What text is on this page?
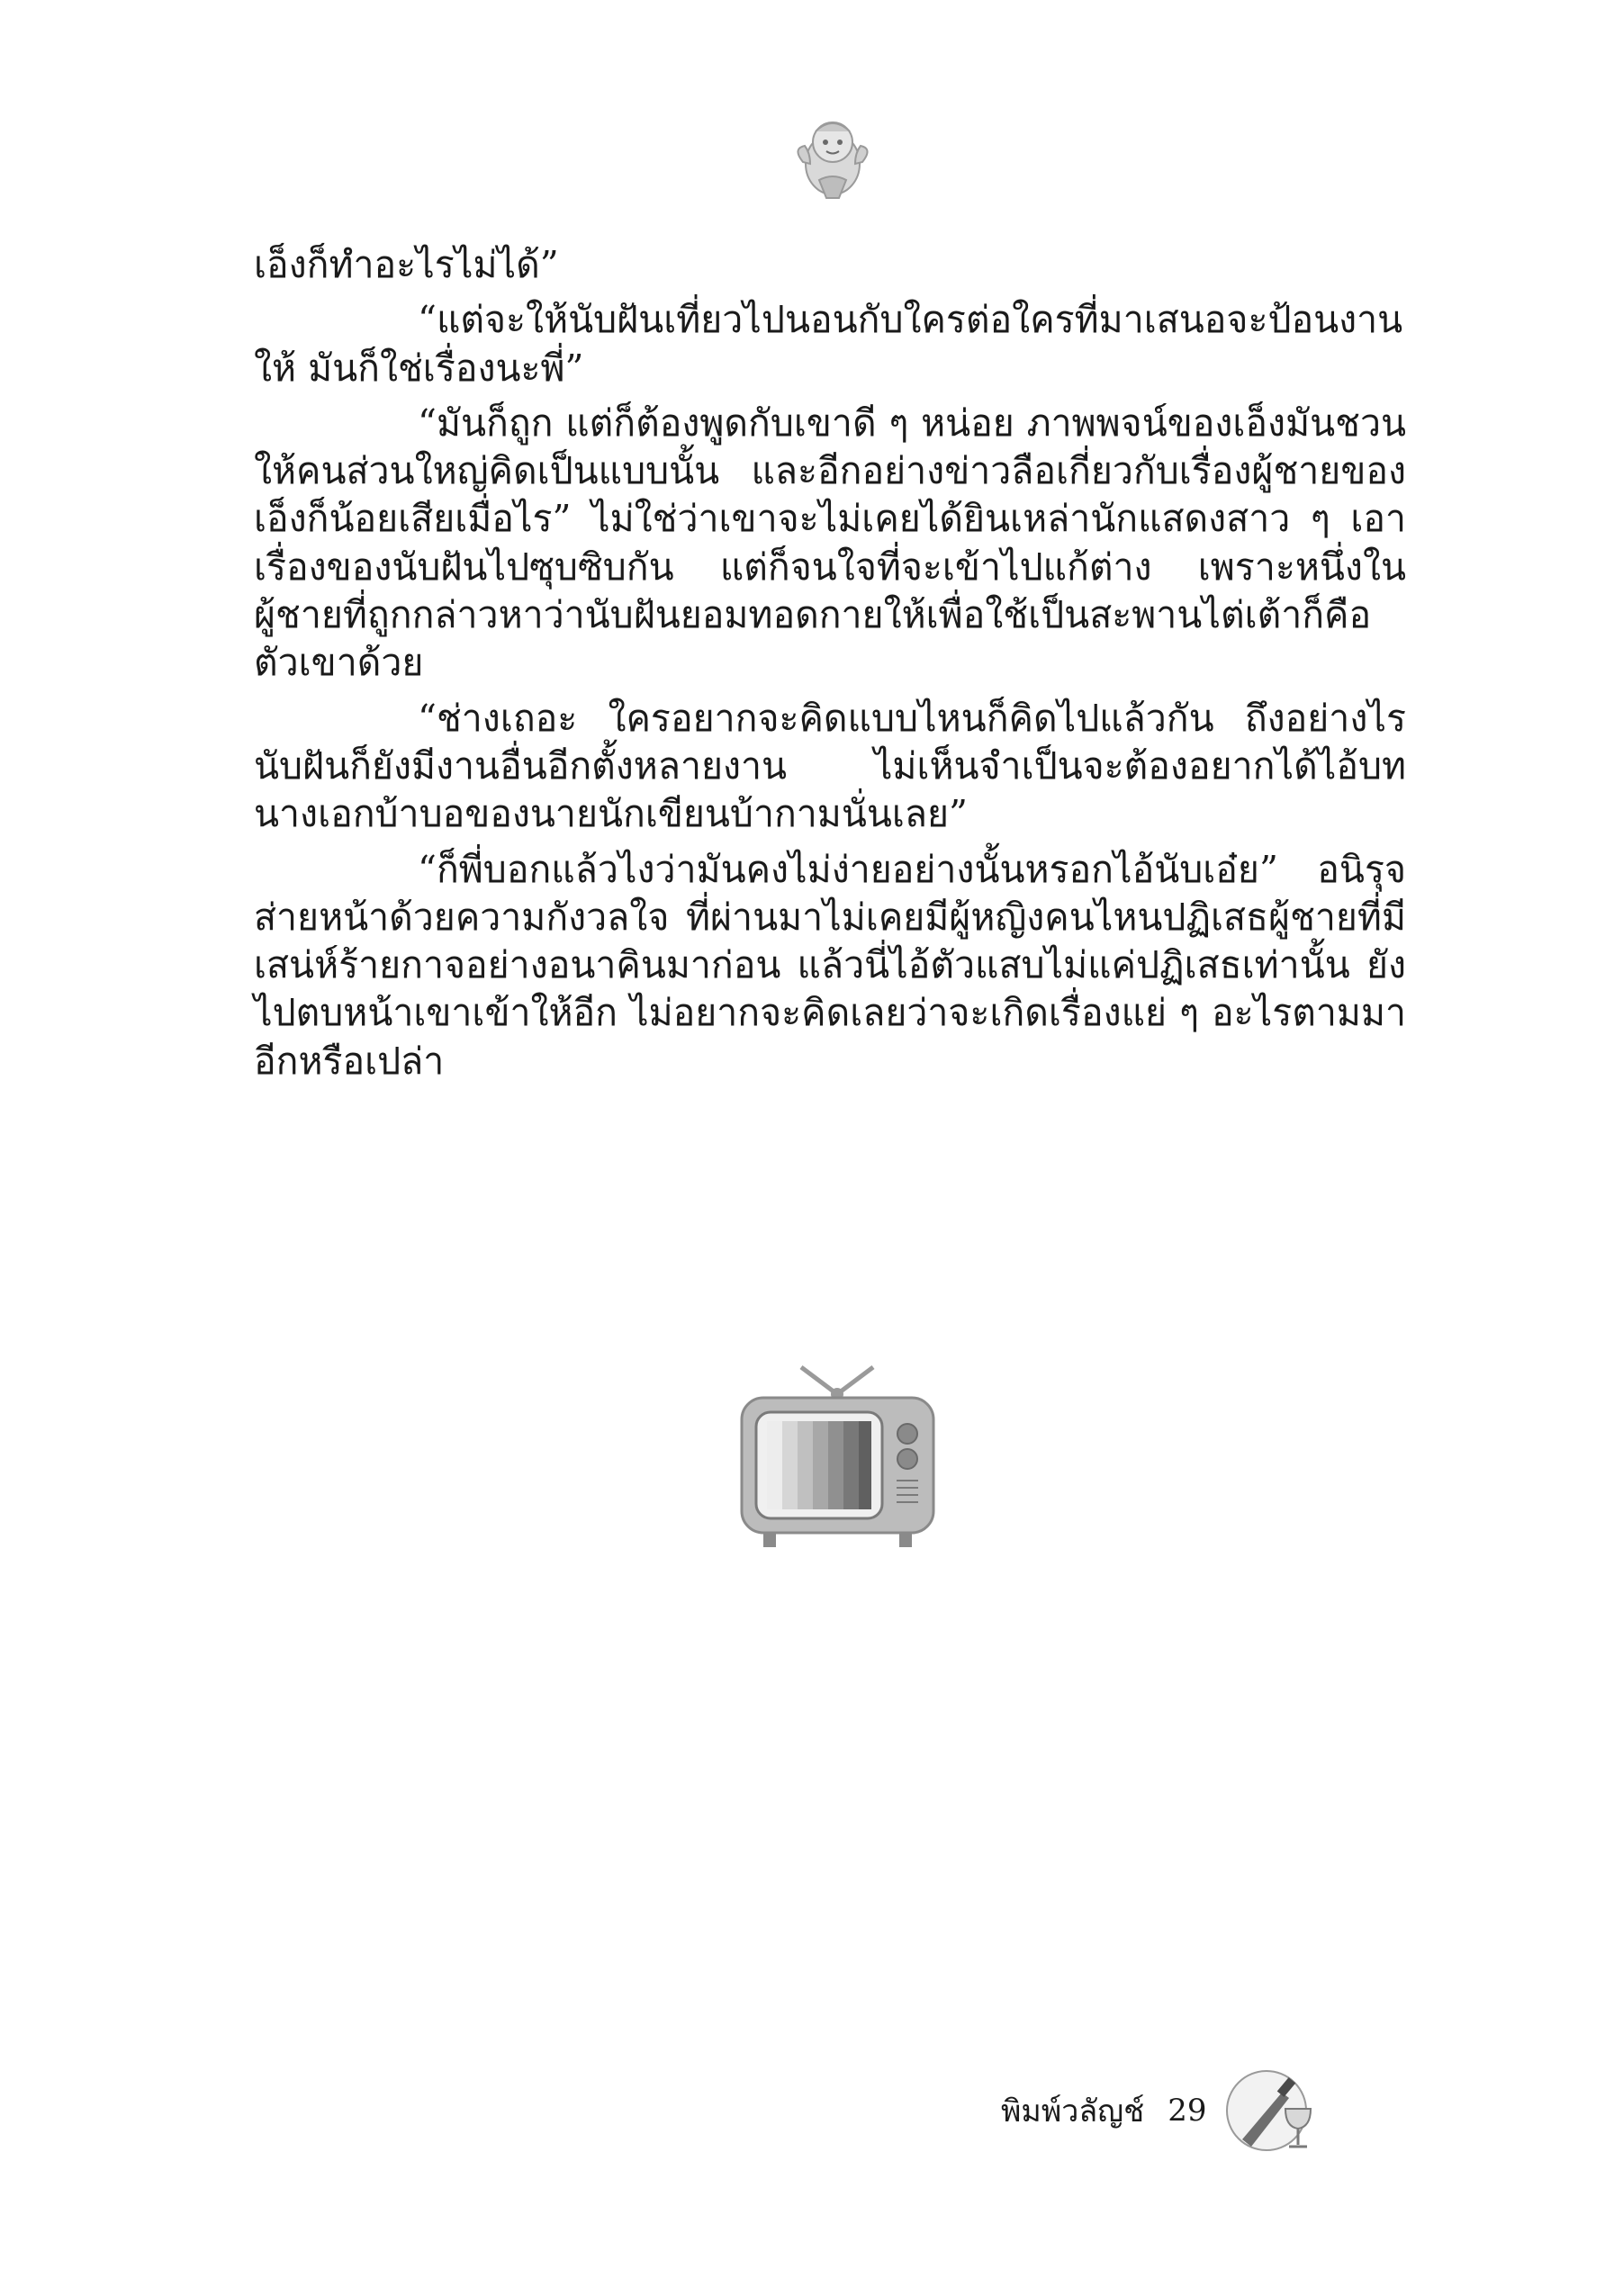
เอ็งก็ทำอะไรไม่ได้”

“แต่จะให้นับฝันเที่ยวไปนอนกับใครต่อใครที่มาเสนอจะป้อนงานให้ มันก็ใช่เรื่องนะพี่”

“มันก็ถูก แต่ก็ต้องพูดกับเขาดี ๆ หน่อย ภาพพจน์ของเอ็งมันชวนให้คนส่วนใหญ่คิดเป็นแบบนั้น และอีกอย่างข่าวลือเกี่ยวกับเรื่องผู้ชายของเอ็งก็น้อยเสียเมื่อไร” ไม่ใช่ว่าเขาจะไม่เคยได้ยินเหล่านักแสดงสาว ๆ เอาเรื่องของนับฝันไปซุบซิบกัน แต่ก็จนใจที่จะเข้าไปแก้ต่าง เพราะหนึ่งในผู้ชายที่ถูกกล่าวหาว่านับฝันยอมทอดกายให้เพื่อใช้เป็นสะพานไต่เต้าก็คือตัวเขาด้วย

“ช่างเถอะ ใครอยากจะคิดแบบไหนก็คิดไปแล้วกัน ถึงอย่างไรนับฝันก็ยังมีงานอื่นอีกตั้งหลายงาน ไม่เห็นจำเป็นจะต้องอยากได้ไอ้บทนางเอกบ้าบอของนายนักเขียนบ้ากามนั่นเลย”

“ก็พี่บอกแล้วไงว่ามันคงไม่ง่ายอย่างนั้นหรอกไอ้นับเอ๋ย” อนิรุจส่ายหน้าด้วยความกังวลใจ ที่ผ่านมาไม่เคยมีผู้หญิงคนไหนปฏิเสธผู้ชายที่มีเสน่ห์ร้ายกาจอย่างอนาคินมาก่อน แล้วนี่ไอ้ตัวแสบไม่แค่ปฏิเสธเท่านั้น ยังไปตบหน้าเขาเข้าให้อีก ไม่อยากจะคิดเลยว่าจะเกิดเรื่องแย่ ๆ อะไรตามมาอีกหรือเปล่า

พิมพ์วลัญช์ 29
